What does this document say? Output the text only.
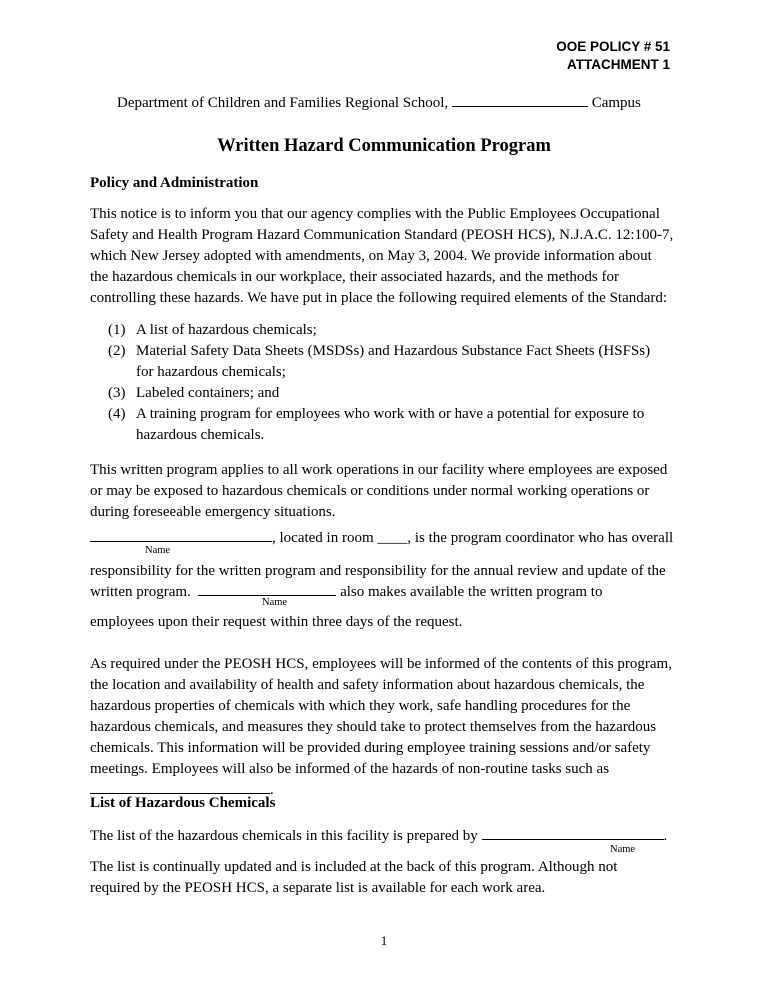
OOE POLICY # 51
ATTACHMENT 1
Department of Children and Families Regional School,	Campus
Written Hazard Communication Program
Policy and Administration
This notice is to inform you that our agency complies with the Public Employees Occupational
Safety and Health Program Hazard Communication Standard (PEOSH HCS), N.J.A.C. 12:100-7,
which New Jersey adopted with amendments, on May 3, 2004. We provide information about
the hazardous chemicals in our workplace, their associated hazards, and the methods for
controlling these hazards. We have put in place the following required elements of the Standard:
(1) A list of hazardous chemicals;
(2) Material Safety Data Sheets (MSDSs) and Hazardous Substance Fact Sheets (HSFSs)
for hazardous chemicals;
(3) Labeled containers; and
(4) A training program for employees who work with or have a potential for exposure to
hazardous chemicals.
This written program applies to all work operations in our facility where employees are exposed
or may be exposed to hazardous chemicals or conditions under normal working operations or
during foreseeable emergency situations.
, located in room ____, is the program coordinator who has overall
Name
responsibility for the written program and responsibility for the annual review and update of the
written program.	also makes available the written program to
Name
employees upon their request within three days of the request.
As required under the PEOSH HCS, employees will be informed of the contents of this program,
the location and availability of health and safety information about hazardous chemicals, the
hazardous properties of chemicals with which they work, safe handling procedures for the
hazardous chemicals, and measures they should take to protect themselves from the hazardous
chemicals. This information will be provided during employee training sessions and/or safety
meetings. Employees will also be informed of the hazards of non-routine tasks such as
.
List of Hazardous Chemicals
The list of the hazardous chemicals in this facility is prepared by	.
Name
The list is continually updated and is included at the back of this program. Although not
required by the PEOSH HCS, a separate list is available for each work area.
1
